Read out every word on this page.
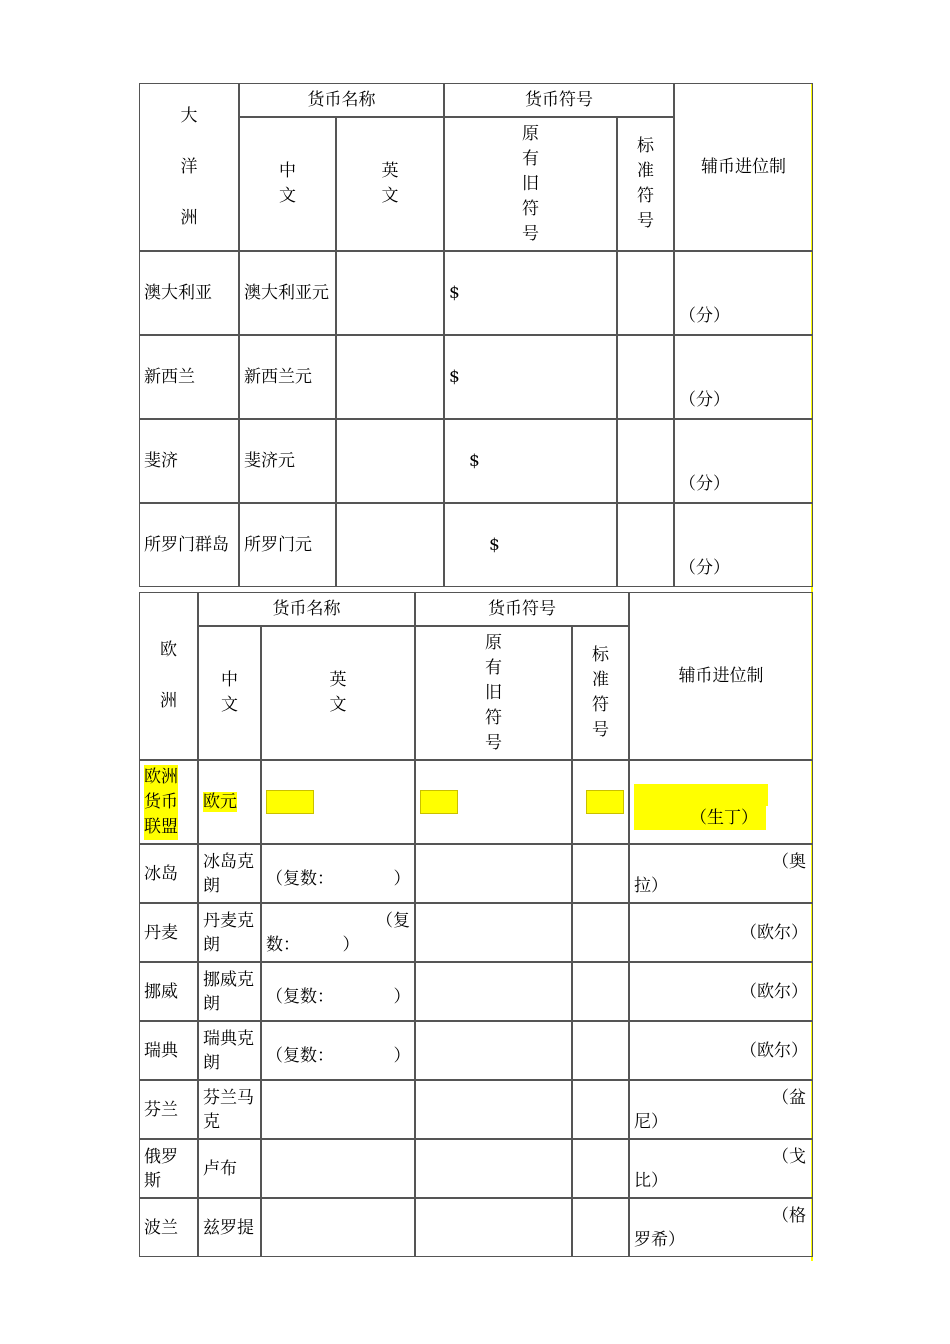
大
洋
洲	货币名称		货币符号		辅币进位制

	中文	英文	原有旧符号	标准符号	

澳大利亚	澳大利亚元		$		（分）
新西兰	新西兰元		$		（分）
斐济	斐济元		$		（分）
所罗门群岛	所罗门元		$		（分）
欧
洲	货币名称		货币符号		辅币进位制

	中文	英文	原有旧符号	标准符号	

欧洲货币联盟	欧元				（生丁）

冰岛	冰岛克朗	（复数：　　　　）			（奥拉）
丹麦	丹麦克朗	（复数：　　　）			（欧尔）
挪威	挪威克朗	（复数：　　　　）			（欧尔）
瑞典	瑞典克朗	（复数：　　　　）			（欧尔）
芬兰	芬兰马克				（盆尼）
俄罗斯	卢布				（戈比）
波兰	兹罗提				（格罗希）
